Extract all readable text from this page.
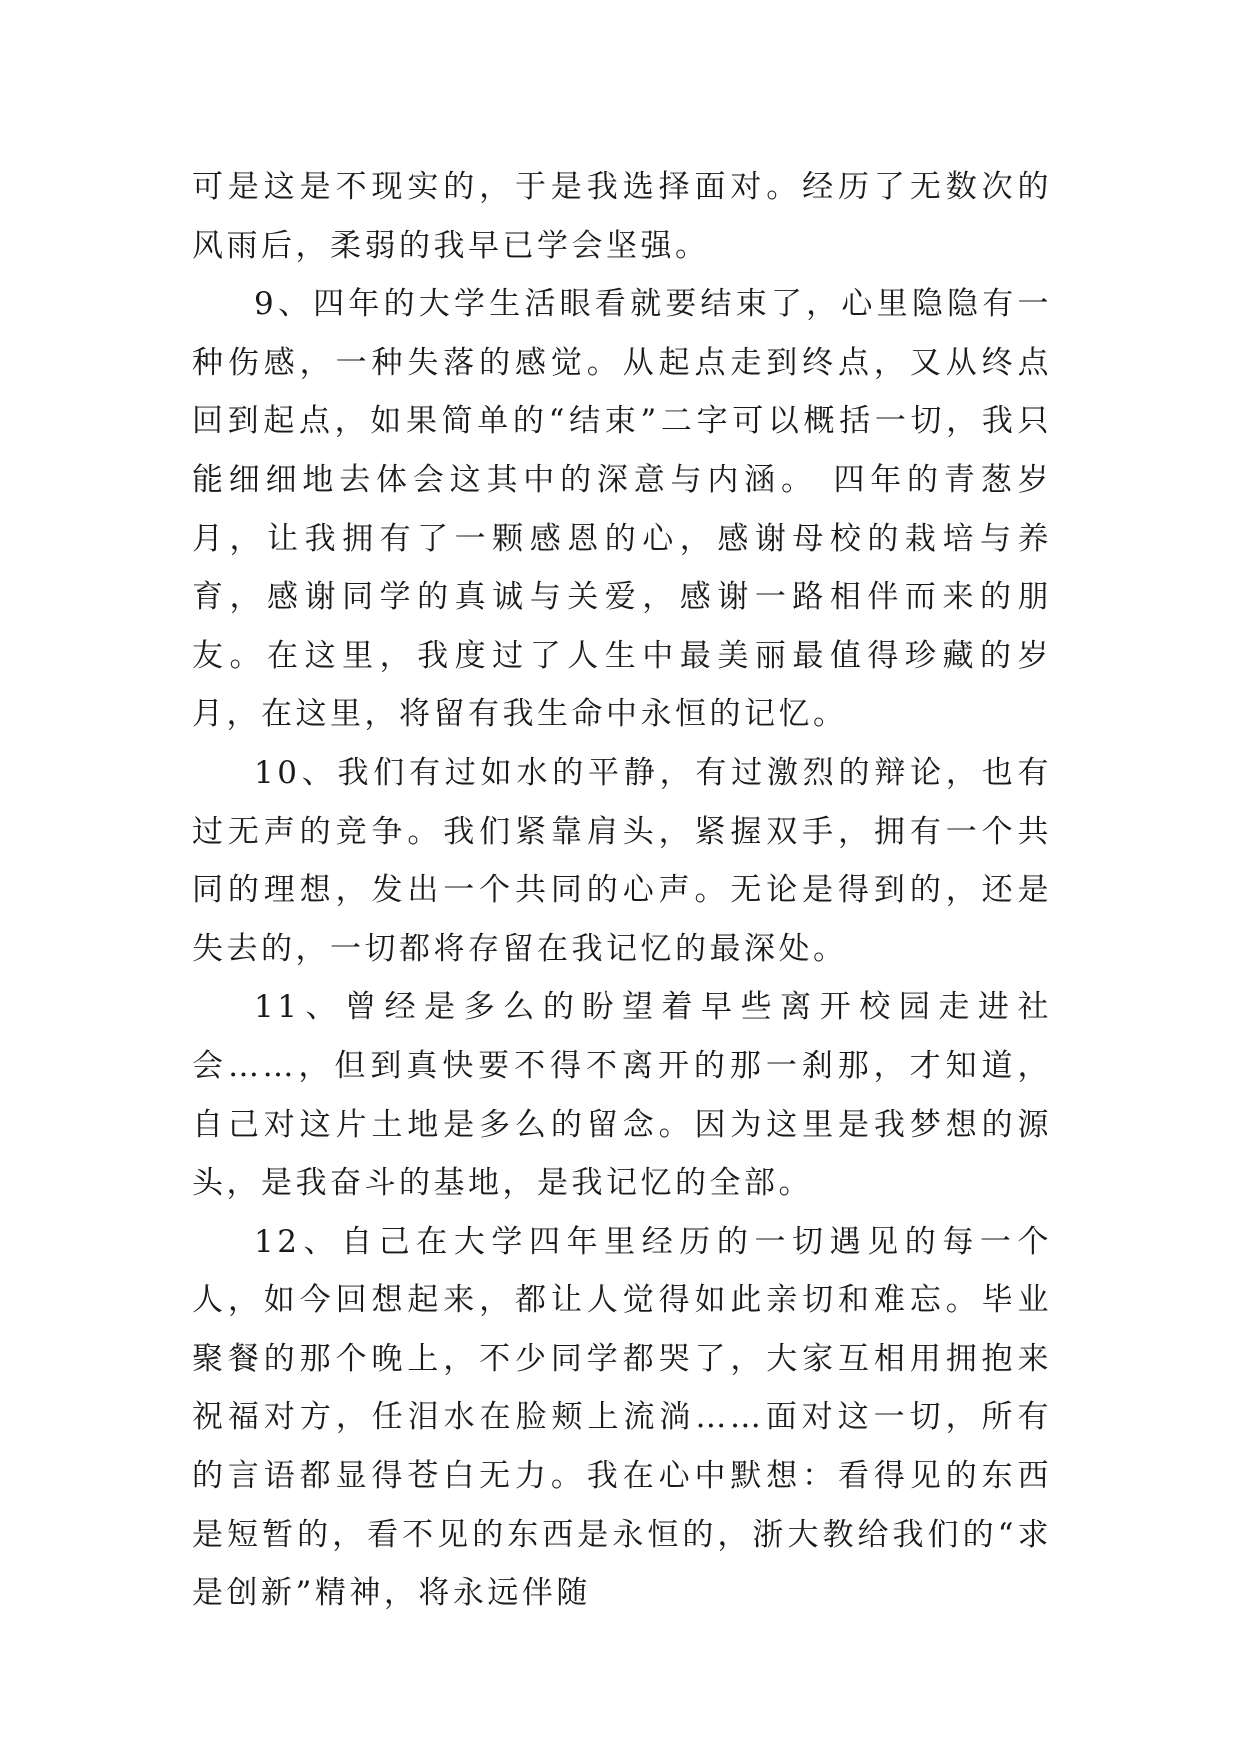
可是这是不现实的，于是我选择面对。经历了无数次的风雨后，柔弱的我早已学会坚强。

9、四年的大学生活眼看就要结束了，心里隐隐有一种伤感，一种失落的感觉。从起点走到终点，又从终点回到起点，如果简单的“结束”二字可以概括一切，我只能细细地去体会这其中的深意与内涵。 四年的青葱岁月，让我拥有了一颗感恩的心，感谢母校的栽培与养育，感谢同学的真诚与关爱，感谢一路相伴而来的朋友。在这里，我度过了人生中最美丽最值得珍藏的岁月，在这里，将留有我生命中永恒的记忆。

10、我们有过如水的平静，有过激烈的辩论，也有过无声的竞争。我们紧靠肩头，紧握双手，拥有一个共同的理想，发出一个共同的心声。无论是得到的，还是失去的，一切都将存留在我记忆的最深处。

11、曾经是多么的盼望着早些离开校园走进社会……，但到真快要不得不离开的那一刹那，才知道，自己对这片土地是多么的留念。因为这里是我梦想的源头，是我奋斗的基地，是我记忆的全部。

12、自己在大学四年里经历的一切遇见的每一个人，如今回想起来，都让人觉得如此亲切和难忘。毕业聚餐的那个晚上，不少同学都哭了，大家互相用拥抱来祝福对方，任泪水在脸颊上流淌……面对这一切，所有的言语都显得苍白无力。我在心中默想：看得见的东西是短暂的，看不见的东西是永恒的，浙大教给我们的“求是创新”精神，将永远伴随
